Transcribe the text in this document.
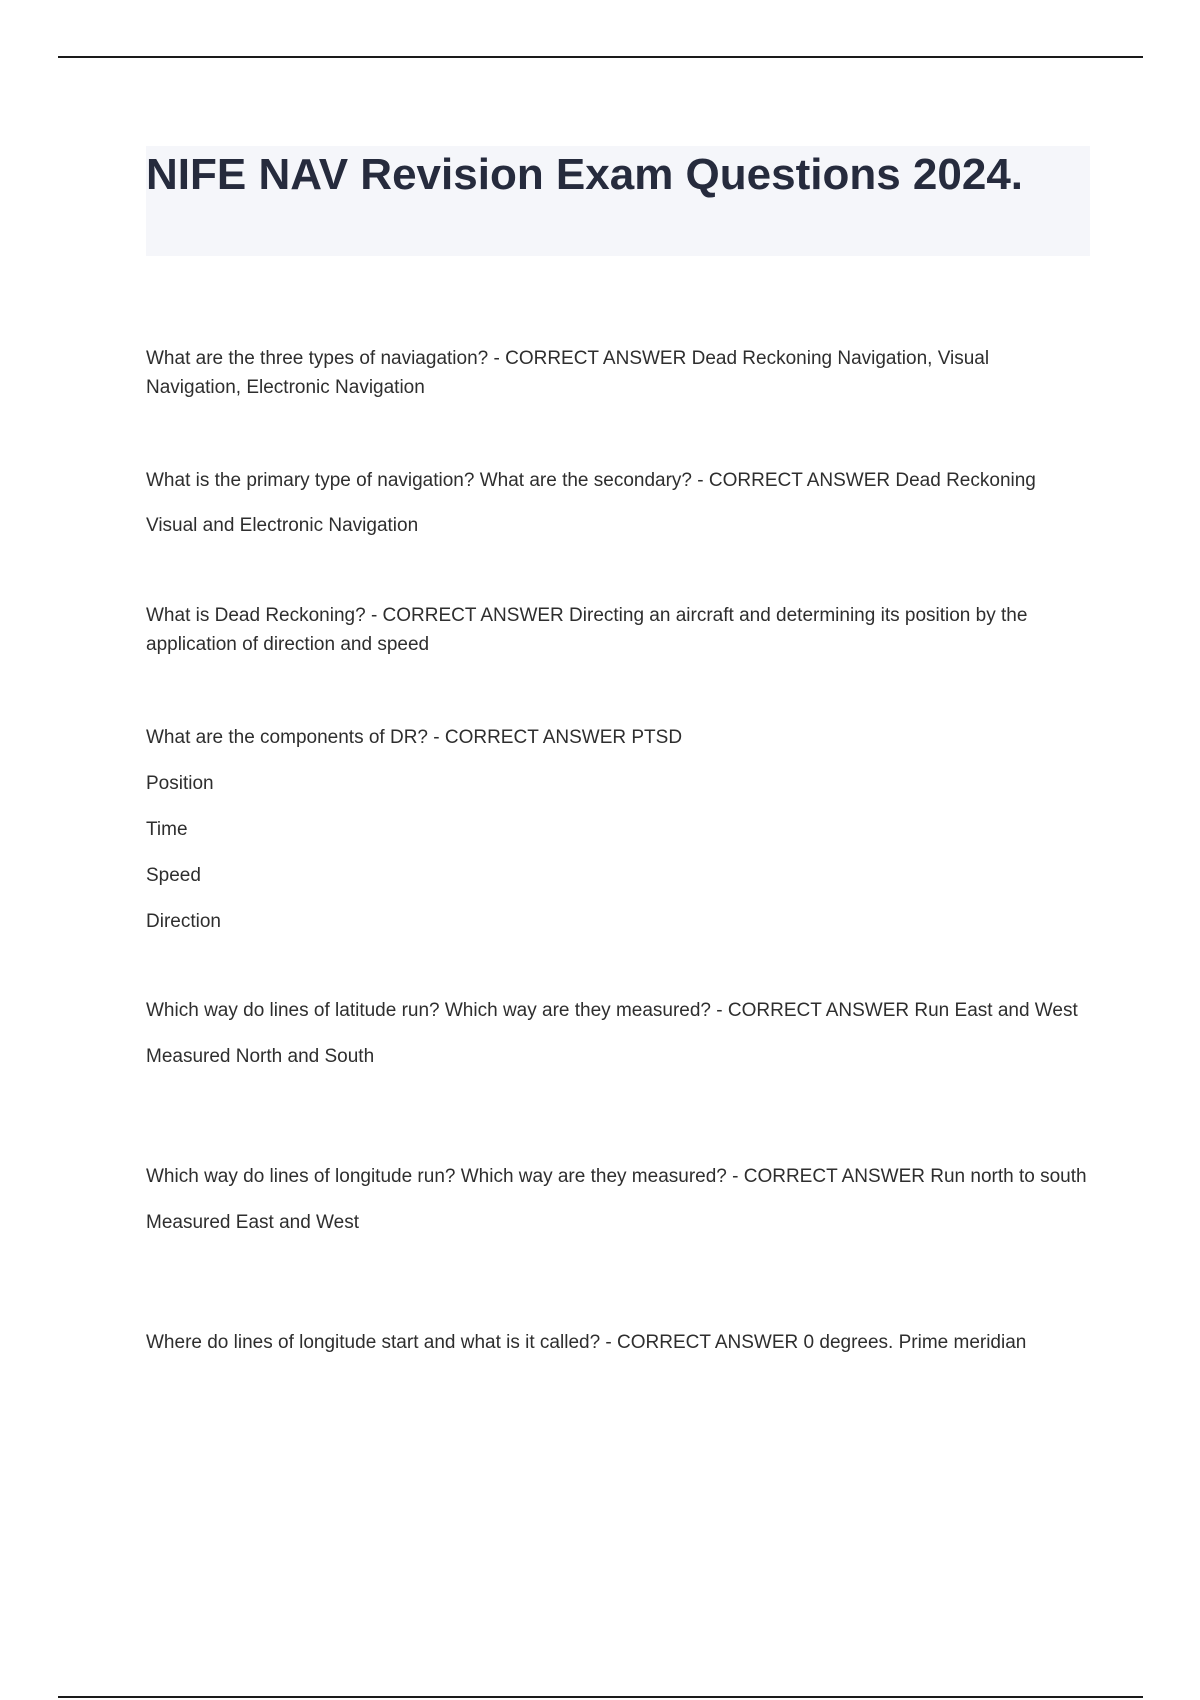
NIFE NAV Revision Exam Questions 2024.

What are the three types of naviagation? - CORRECT ANSWER Dead Reckoning Navigation, Visual Navigation, Electronic Navigation

What is the primary type of navigation? What are the secondary? - CORRECT ANSWER Dead Reckoning

Visual and Electronic Navigation

What is Dead Reckoning? - CORRECT ANSWER Directing an aircraft and determining its position by the application of direction and speed

What are the components of DR? - CORRECT ANSWER PTSD

Position

Time

Speed

Direction

Which way do lines of latitude run? Which way are they measured? - CORRECT ANSWER Run East and West

Measured North and South

Which way do lines of longitude run? Which way are they measured? - CORRECT ANSWER Run north to south

Measured East and West

Where do lines of longitude start and what is it called? - CORRECT ANSWER 0 degrees. Prime meridian
